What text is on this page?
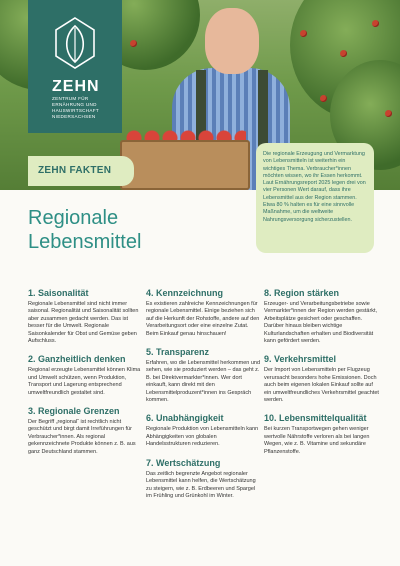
ZEHN
ZENTRUM FÜR ERNÄHRUNG UND HAUSWIRTSCHAFT NIEDERSACHSEN
ZEHN FAKTEN

Die regionale Erzeugung und Vermarktung von Lebensmitteln ist weiterhin ein wichtiges Thema. Verbraucher*innen möchten wissen, wo ihr Essen herkommt. Laut Ernährungsreport 2025 legen drei von vier Personen Wert darauf, dass ihre Lebensmittel aus der Region stammen. Etwa 80 % halten es für eine sinnvolle Maßnahme, um die weltweite Nahrungsversorgung sicherzustellen.

Regionale
Lebensmittel
1. Saisonalität

Regionale Lebensmittel sind nicht immer saisonal. Regionalität und Saisonalität sollten aber zusammen gedacht werden. Das ist besser für die Umwelt. Regionale Saisonkalender für Obst und Gemüse geben Aufschluss.

2. Ganzheitlich denken

Regional erzeugte Lebensmittel können Klima und Umwelt schützen, wenn Produktion, Transport und Lagerung entsprechend umweltfreundlich gestaltet sind.

3. Regionale Grenzen

Der Begriff „regional“ ist rechtlich nicht geschützt und birgt damit Irreführungen für Verbraucher*innen. Als regional gekennzeichnete Produkte können z. B. aus ganz Deutschland stammen.

4. Kennzeichnung

Es existieren zahlreiche Kennzeichnungen für regionale Lebensmittel. Einige beziehen sich auf die Herkunft der Rohstoffe, andere auf den Verarbeitungsort oder eine einzelne Zutat. Beim Einkauf genau hinschauen!

5. Transparenz

Erfahren, wo die Lebensmittel herkommen und sehen, wie sie produziert werden – das geht z. B. bei Direktvermarkter*innen. Wer dort einkauft, kann direkt mit den Lebensmittelproduzent*innen ins Gespräch kommen.

6. Unabhängigkeit

Regionale Produktion von Lebensmitteln kann Abhängigkeiten von globalen Handelsstrukturen reduzieren.

7. Wertschätzung

Das zeitlich begrenzte Angebot regionaler Lebensmittel kann helfen, die Wertschätzung zu steigern, wie z. B. Erdbeeren und Spargel im Frühling und Grünkohl im Winter.

8. Region stärken

Erzeuger- und Verarbeitungsbetriebe sowie Vermarkter*innen der Region werden gestärkt, Arbeitsplätze gesichert oder geschaffen. Darüber hinaus bleiben wichtige Kulturlandschaften erhalten und Biodiversität kann gefördert werden.

9. Verkehrsmittel

Der Import von Lebensmitteln per Flugzeug verursacht besonders hohe Emissionen. Doch auch beim eigenen lokalen Einkauf sollte auf ein umweltfreundliches Verkehrsmittel geachtet werden.

10. Lebensmittelqualität

Bei kurzen Transportwegen gehen weniger wertvolle Nährstoffe verloren als bei langen Wegen, wie z. B. Vitamine und sekundäre Pflanzenstoffe.
